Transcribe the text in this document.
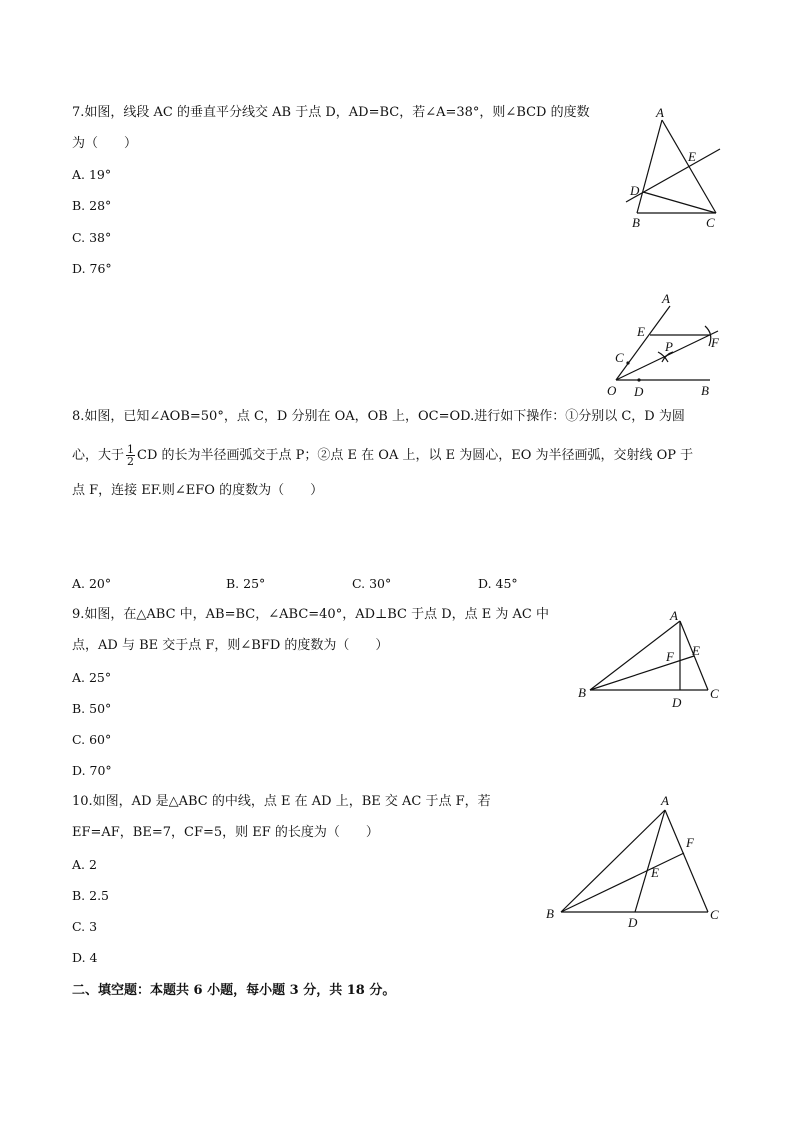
7.如图，线段 AC 的垂直平分线交 AB 于点 D，AD=BC，若∠A=38°，则∠BCD 的度数
为（　　）
A. 19°
B. 28°
C. 38°
D. 76°
A
E
D
B	C
A
E
F
C
P
O D	B
8.如图，已知∠AOB=50°，点 C，D 分别在 OA，OB 上，OC=OD.进行如下操作：①分别以 C，D 为圆
心，大于 $\frac{1}{2}$ CD 的长为半径画弧交于点 P；②点 E 在 OA 上，以 E 为圆心，EO 为半径画弧，交射线 OP 于
点 F，连接 EF.则∠EFO 的度数为（　　）
A. 20°	B. 25°	C. 30°	D. 45°
9.如图，在△ABC 中，AB=BC，∠ABC=40°，AD⊥BC 于点 D，点 E 为 AC 中
点，AD 与 BE 交于点 F，则∠BFD 的度数为（　　）
A. 25°
B. 50°
C. 60°
D. 70°
A
F E
B
D
C
10.如图，AD 是△ABC 的中线，点 E 在 AD 上，BE 交 AC 于点 F，若
EF=AF，BE=7，CF=5，则 EF 的长度为（　　）
A. 2
B. 2.5
C. 3
D. 4
A
F
E
B
D
C
二、填空题：本题共 6 小题，每小题 3 分，共 18 分。
